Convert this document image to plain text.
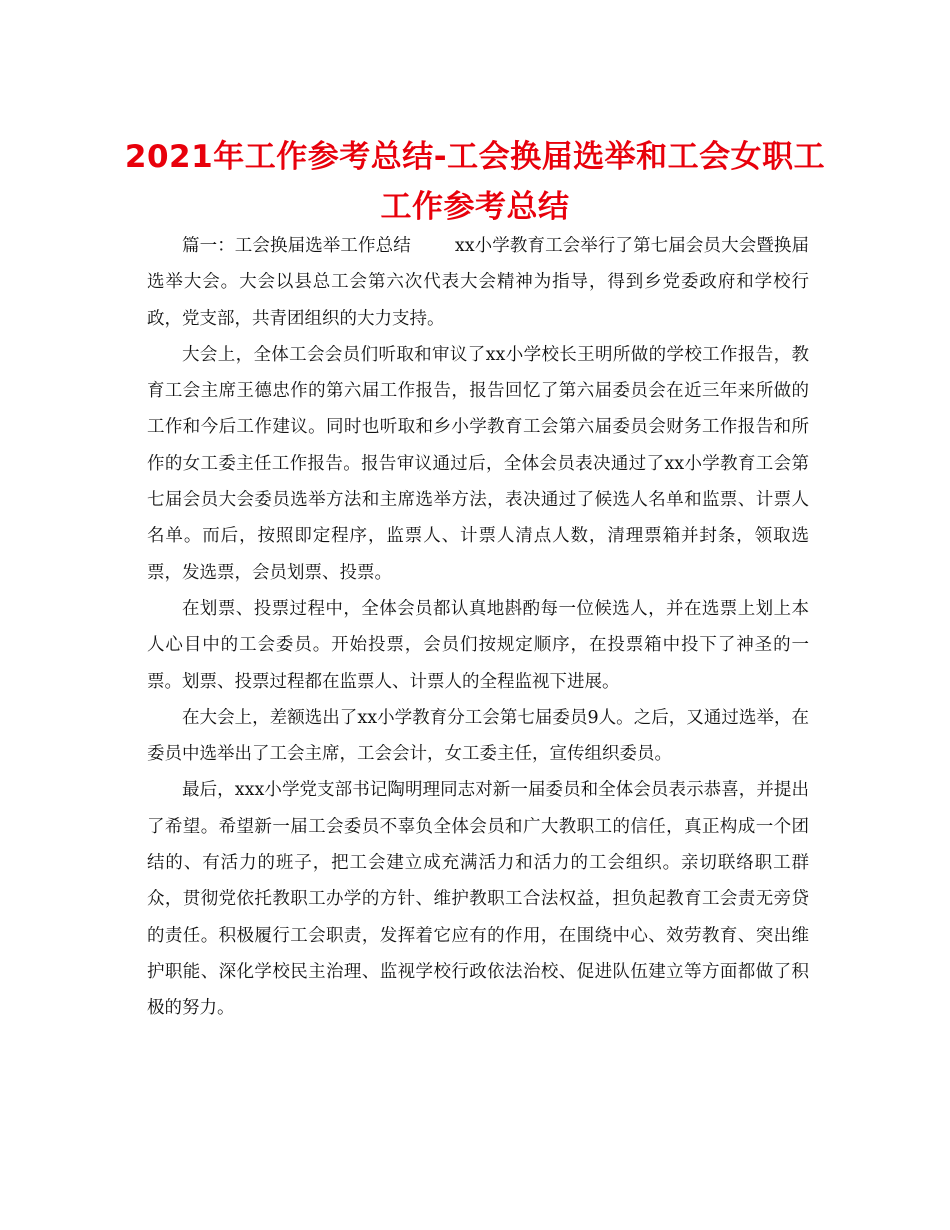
2021年工作参考总结-工会换届选举和工会女职工工作参考总结

篇一：工会换届选举工作总结	xx小学教育工会举行了第七届会员大会暨换届选举大会。大会以县总工会第六次代表大会精神为指导，得到乡党委政府和学校行政，党支部，共青团组织的大力支持。

大会上，全体工会会员们听取和审议了xx小学校长王明所做的学校工作报告，教育工会主席王德忠作的第六届工作报告，报告回忆了第六届委员会在近三年来所做的工作和今后工作建议。同时也听取和乡小学教育工会第六届委员会财务工作报告和所作的女工委主任工作报告。报告审议通过后，全体会员表决通过了xx小学教育工会第七届会员大会委员选举方法和主席选举方法，表决通过了候选人名单和监票、计票人名单。而后，按照即定程序，监票人、计票人清点人数，清理票箱并封条，领取选票，发选票，会员划票、投票。

在划票、投票过程中，全体会员都认真地斟酌每一位候选人，并在选票上划上本人心目中的工会委员。开始投票，会员们按规定顺序，在投票箱中投下了神圣的一票。划票、投票过程都在监票人、计票人的全程监视下进展。

在大会上，差额选出了xx小学教育分工会第七届委员9人。之后，又通过选举，在委员中选举出了工会主席，工会会计，女工委主任，宣传组织委员。

最后，xxx小学党支部书记陶明理同志对新一届委员和全体会员表示恭喜，并提出了希望。希望新一届工会委员不辜负全体会员和广大教职工的信任，真正构成一个团结的、有活力的班子，把工会建立成充满活力和活力的工会组织。亲切联络职工群众，贯彻党依托教职工办学的方针、维护教职工合法权益，担负起教育工会责无旁贷的责任。积极履行工会职责，发挥着它应有的作用，在围绕中心、效劳教育、突出维护职能、深化学校民主治理、监视学校行政依法治校、促进队伍建立等方面都做了积极的努力。
